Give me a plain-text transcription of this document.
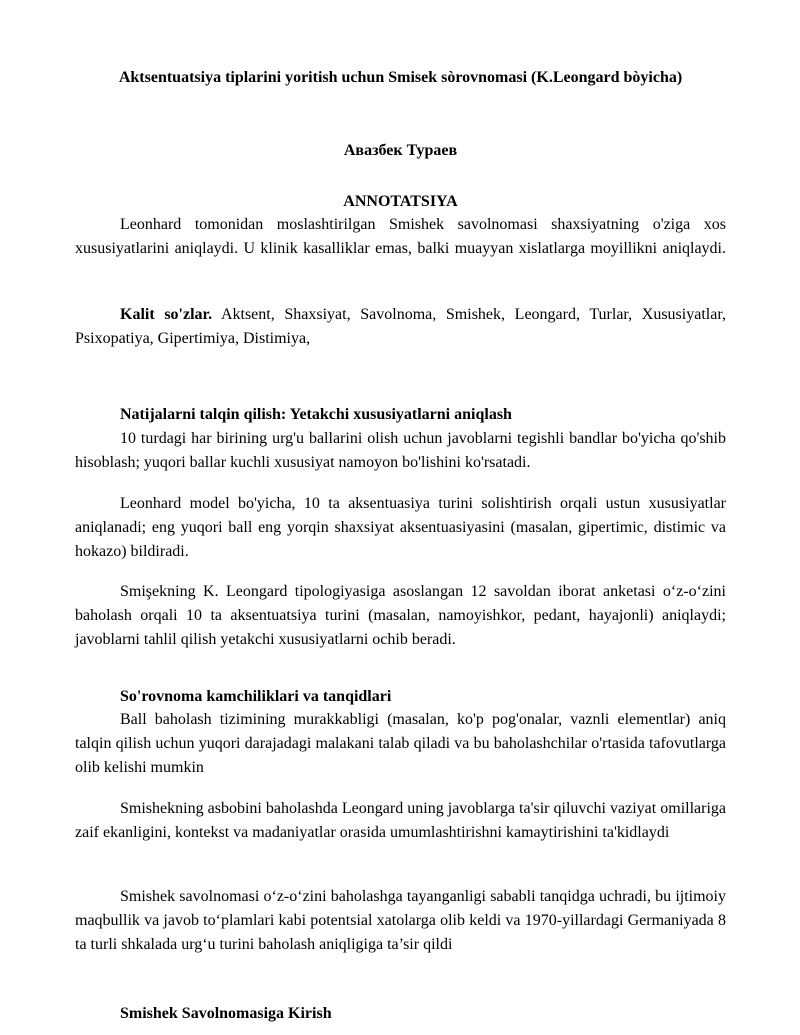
Aktsentuatsiya tiplarini yoritish uchun Smisek sòrovnomasi (K.Leongard bòyicha)
Авазбек Тураев
ANNOTATSIYA

Leonhard tomonidan moslashtirilgan Smishek savolnomasi shaxsiyatning o'ziga xos xususiyatlarini aniqlaydi. U klinik kasalliklar emas, balki muayyan xislatlarga moyillikni aniqlaydi.

Kalit so'zlar. Aktsent, Shaxsiyat, Savolnoma, Smishek, Leongard, Turlar, Xususiyatlar, Psixopatiya, Gipertimiya, Distimiya,

Natijalarni talqin qilish: Yetakchi xususiyatlarni aniqlash

10 turdagi har birining urg'u ballarini olish uchun javoblarni tegishli bandlar bo'yicha qo'shib hisoblash; yuqori ballar kuchli xususiyat namoyon bo'lishini ko'rsatadi.

Leonhard model bo'yicha, 10 ta aksentuasiya turini solishtirish orqali ustun xususiyatlar aniqlanadi; eng yuqori ball eng yorqin shaxsiyat aksentuasiyasini (masalan, gipertimic, distimic va hokazo) bildiradi.

Smişekning K. Leongard tipologiyasiga asoslangan 12 savoldan iborat anketasi o‘z-o‘zini baholash orqali 10 ta aksentuatsiya turini (masalan, namoyishkor, pedant, hayajonli) aniqlaydi; javoblarni tahlil qilish yetakchi xususiyatlarni ochib beradi.

So'rovnoma kamchiliklari va tanqidlari

Ball baholash tizimining murakkabligi (masalan, ko'p pog'onalar, vaznli elementlar) aniq talqin qilish uchun yuqori darajadagi malakani talab qiladi va bu baholashchilar o'rtasida tafovutlarga olib kelishi mumkin

Smishekning asbobini baholashda Leongard uning javoblarga ta'sir qiluvchi vaziyat omillariga zaif ekanligini, kontekst va madaniyatlar orasida umumlashtirishni kamaytirishini ta'kidlaydi

Smishek savolnomasi o‘z-o‘zini baholashga tayanganligi sababli tanqidga uchradi, bu ijtimoiy maqbullik va javob to‘plamlari kabi potentsial xatolarga olib keldi va 1970-yillardagi Germaniyada 8 ta turli shkalada urg‘u turini baholash aniqligiga ta’sir qildi

Smishek Savolnomasiga Kirish
